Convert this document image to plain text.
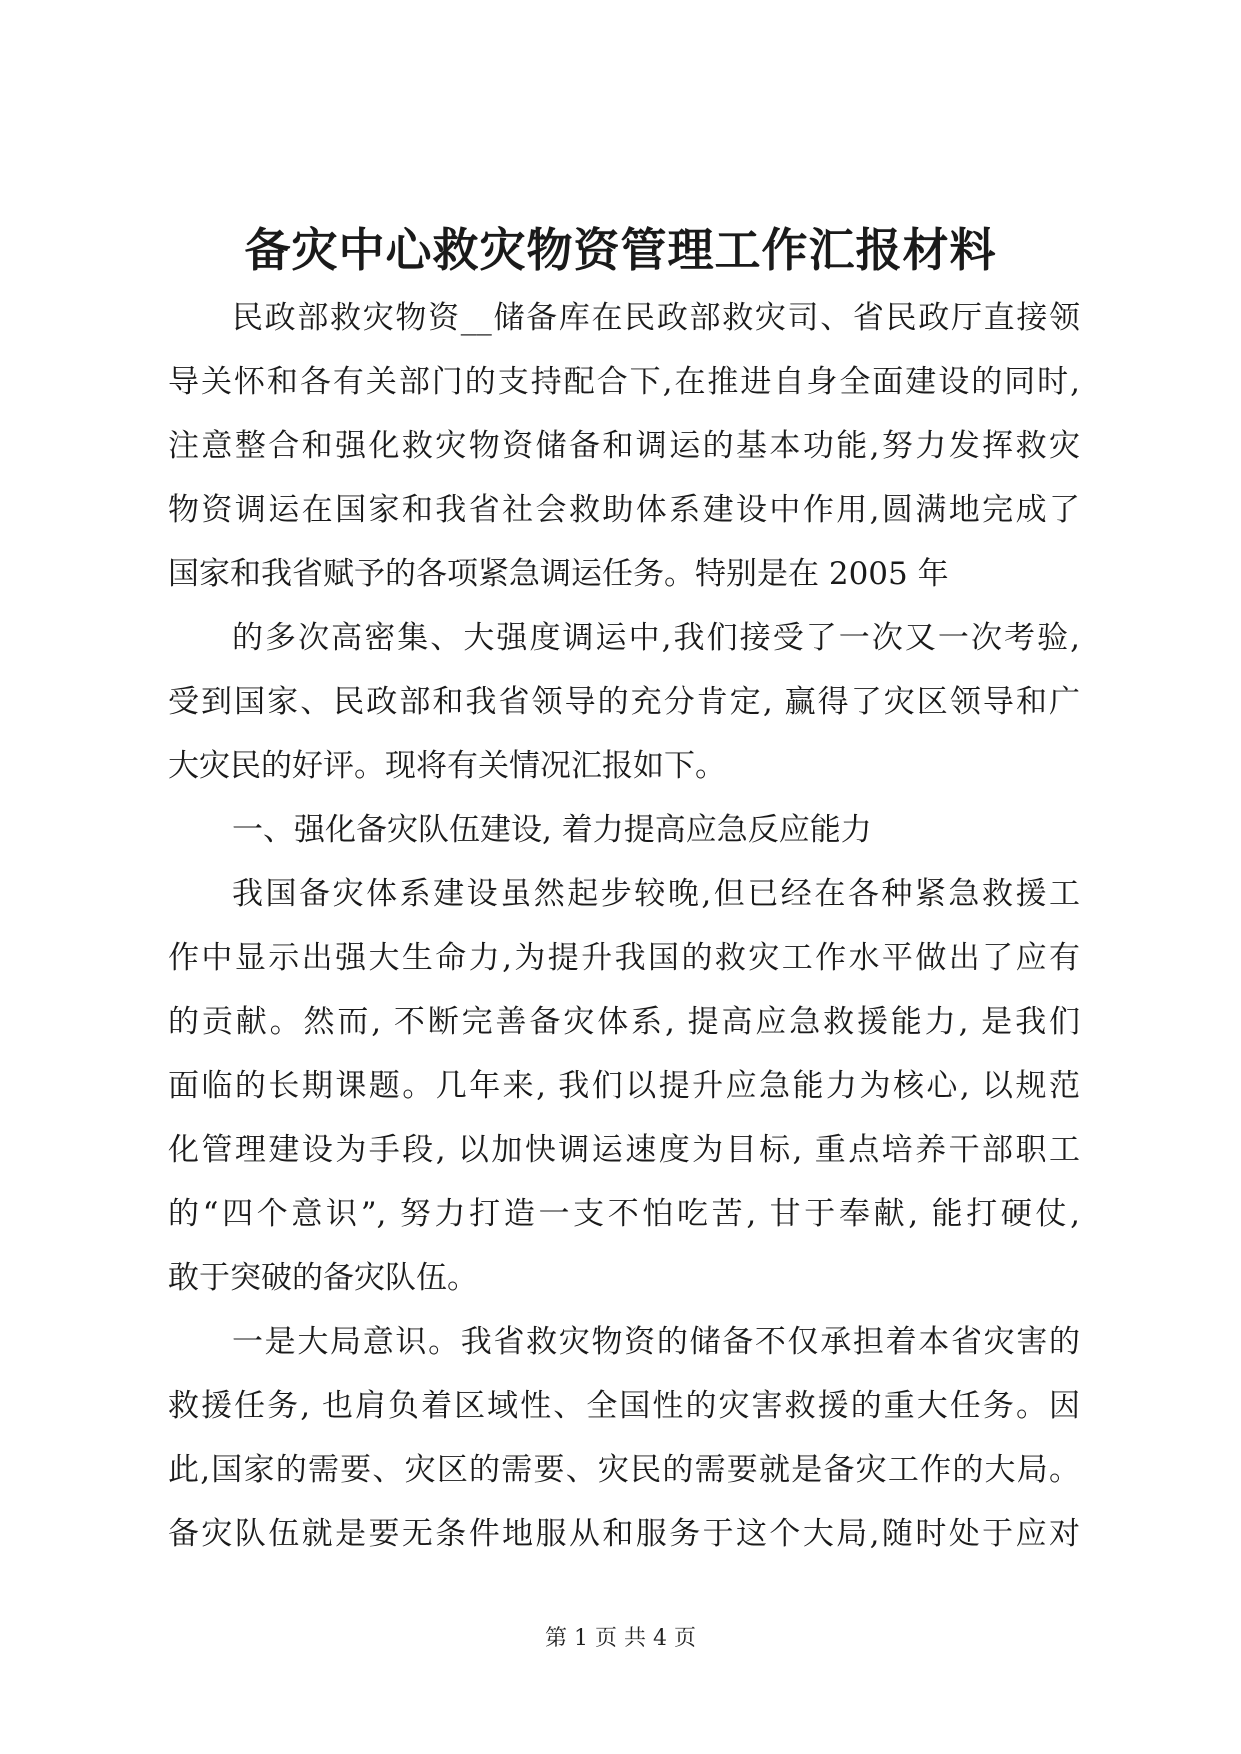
备灾中心救灾物资管理工作汇报材料
民政部救灾物资__储备库在民政部救灾司、省民政厅直接领
导关怀和各有关部门的支持配合下,在推进自身全面建设的同时,
注意整合和强化救灾物资储备和调运的基本功能,努力发挥救灾
物资调运在国家和我省社会救助体系建设中作用,圆满地完成了
国家和我省赋予的各项紧急调运任务。特别是在 2005 年
的多次高密集、大强度调运中,我们接受了一次又一次考验,
受到国家、民政部和我省领导的充分肯定, 赢得了灾区领导和广
大灾民的好评。现将有关情况汇报如下。
一、强化备灾队伍建设, 着力提高应急反应能力
我国备灾体系建设虽然起步较晚,但已经在各种紧急救援工
作中显示出强大生命力,为提升我国的救灾工作水平做出了应有
的贡献。然而, 不断完善备灾体系, 提高应急救援能力, 是我们
面临的长期课题。几年来, 我们以提升应急能力为核心, 以规范
化管理建设为手段, 以加快调运速度为目标, 重点培养干部职工
的“四个意识”, 努力打造一支不怕吃苦, 甘于奉献, 能打硬仗,
敢于突破的备灾队伍。
一是大局意识。我省救灾物资的储备不仅承担着本省灾害的
救援任务, 也肩负着区域性、全国性的灾害救援的重大任务。因
此,国家的需要、灾区的需要、灾民的需要就是备灾工作的大局。
备灾队伍就是要无条件地服从和服务于这个大局,随时处于应对
第 1 页 共 4 页
